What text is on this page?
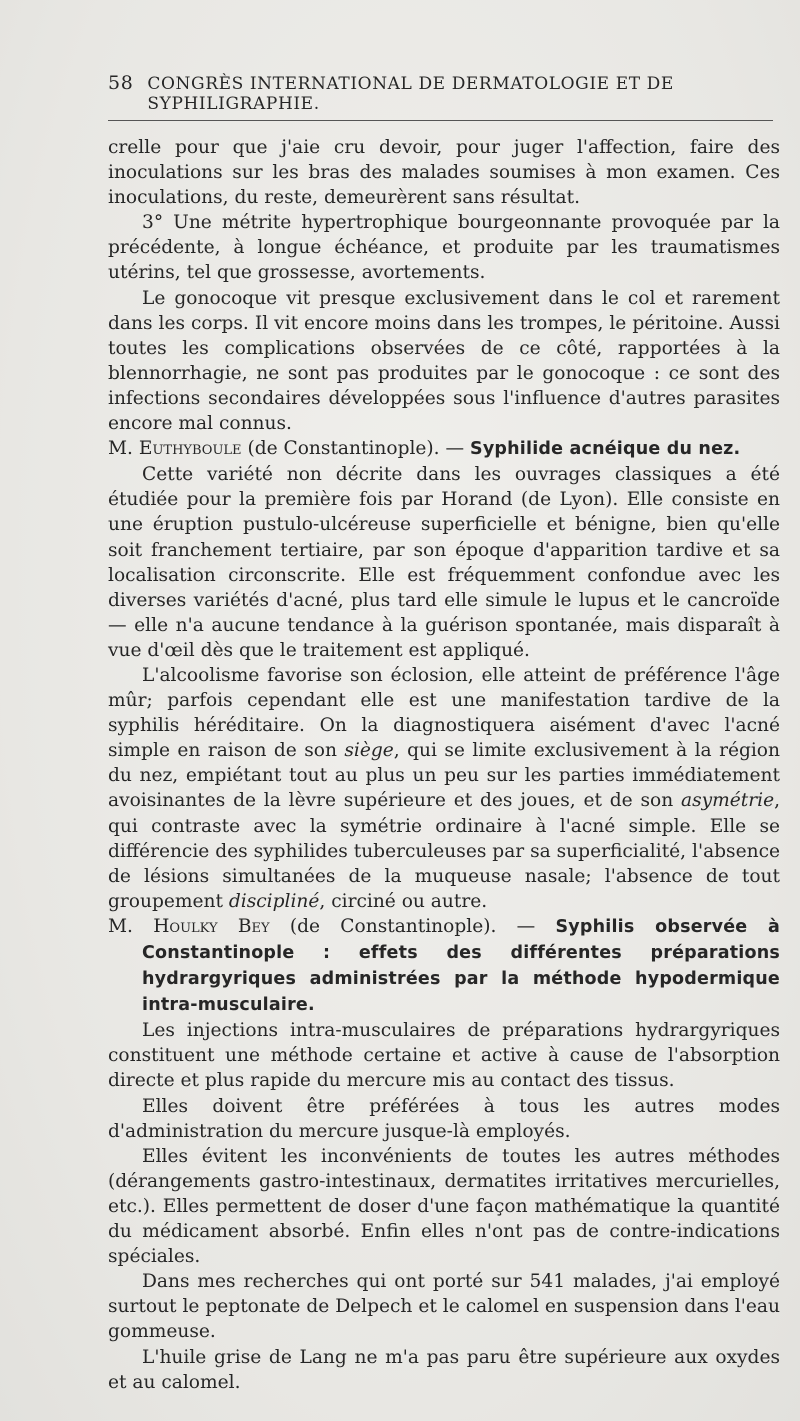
58 CONGRÈS INTERNATIONAL DE DERMATOLOGIE ET DE SYPHILIGRAPHIE.

crelle pour que j'aie cru devoir, pour juger l'affection, faire des inoculations sur les bras des malades soumises à mon examen. Ces inoculations, du reste, demeurèrent sans résultat.

3° Une métrite hypertrophique bourgeonnante provoquée par la précédente, à longue échéance, et produite par les traumatismes utérins, tel que grossesse, avortements.

Le gonocoque vit presque exclusivement dans le col et rarement dans les corps. Il vit encore moins dans les trompes, le péritoine. Aussi toutes les complications observées de ce côté, rapportées à la blennorrhagie, ne sont pas produites par le gonocoque : ce sont des infections secondaires développées sous l'influence d'autres parasites encore mal connus.

M. Euthyboule (de Constantinople). — Syphilide acnéique du nez.

Cette variété non décrite dans les ouvrages classiques a été étudiée pour la première fois par Horand (de Lyon). Elle consiste en une éruption pustulo-ulcéreuse superficielle et bénigne, bien qu'elle soit franchement tertiaire, par son époque d'apparition tardive et sa localisation circonscrite. Elle est fréquemment confondue avec les diverses variétés d'acné, plus tard elle simule le lupus et le cancroïde — elle n'a aucune tendance à la guérison spontanée, mais disparaît à vue d'œil dès que le traitement est appliqué.

L'alcoolisme favorise son éclosion, elle atteint de préférence l'âge mûr; parfois cependant elle est une manifestation tardive de la syphilis héréditaire. On la diagnostiquera aisément d'avec l'acné simple en raison de son siège, qui se limite exclusivement à la région du nez, empiétant tout au plus un peu sur les parties immédiatement avoisinantes de la lèvre supérieure et des joues, et de son asymétrie, qui contraste avec la symétrie ordinaire à l'acné simple. Elle se différencie des syphilides tuberculeuses par sa superficialité, l'absence de lésions simultanées de la muqueuse nasale; l'absence de tout groupement discipliné, circiné ou autre.

M. Houlky Bey (de Constantinople). — Syphilis observée à Constantinople : effets des différentes préparations hydrargyriques administrées par la méthode hypodermique intra-musculaire.

Les injections intra-musculaires de préparations hydrargyriques constituent une méthode certaine et active à cause de l'absorption directe et plus rapide du mercure mis au contact des tissus.

Elles doivent être préférées à tous les autres modes d'administration du mercure jusque-là employés.

Elles évitent les inconvénients de toutes les autres méthodes (dérangements gastro-intestinaux, dermatites irritatives mercurielles, etc.). Elles permettent de doser d'une façon mathématique la quantité du médicament absorbé. Enfin elles n'ont pas de contre-indications spéciales.

Dans mes recherches qui ont porté sur 541 malades, j'ai employé surtout le peptonate de Delpech et le calomel en suspension dans l'eau gommeuse.

L'huile grise de Lang ne m'a pas paru être supérieure aux oxydes et au calomel.
